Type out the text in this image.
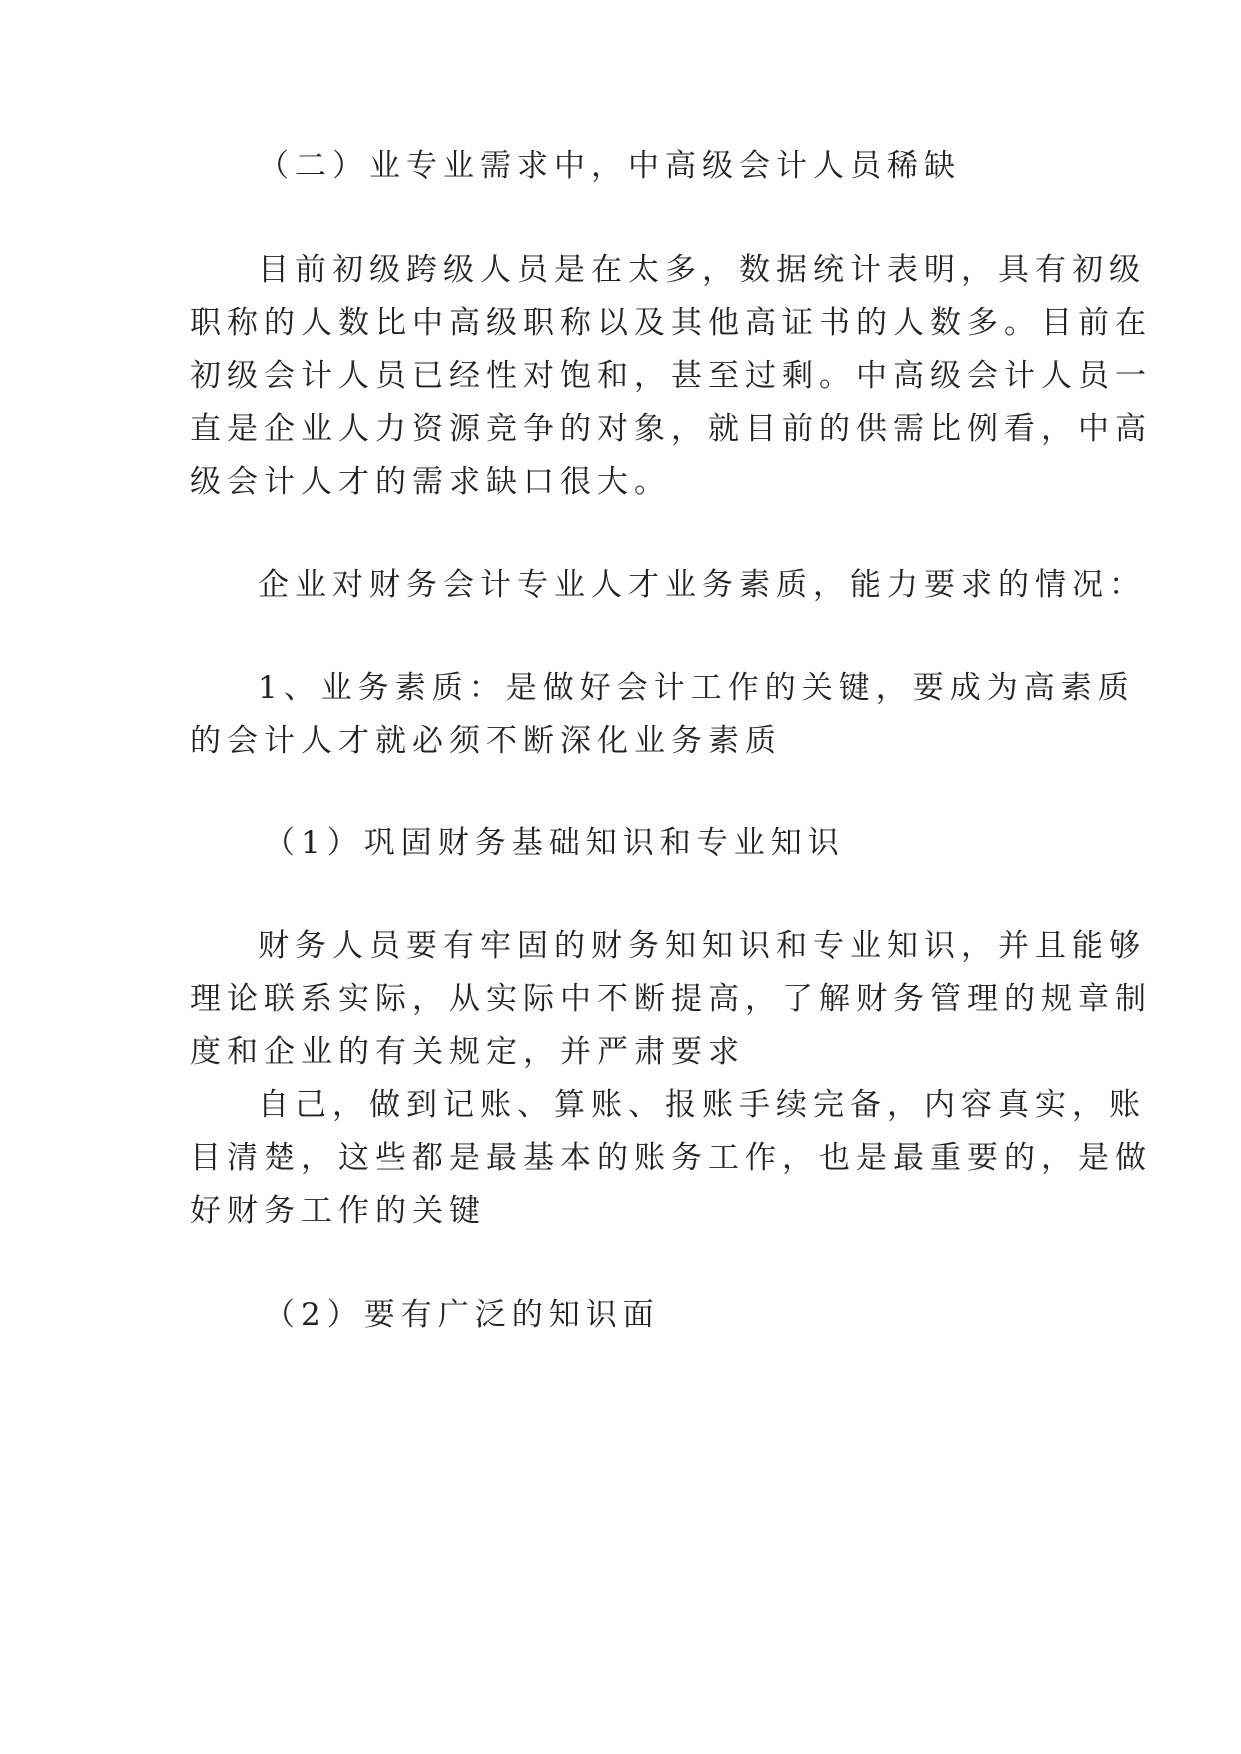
（二）业专业需求中，中高级会计人员稀缺
目前初级跨级人员是在太多，数据统计表明，具有初级
职称的人数比中高级职称以及其他高证书的人数多。目前在
初级会计人员已经性对饱和，甚至过剩。中高级会计人员一
直是企业人力资源竞争的对象，就目前的供需比例看，中高
级会计人才的需求缺口很大。
企业对财务会计专业人才业务素质，能力要求的情况：
1、业务素质：是做好会计工作的关键，要成为高素质
的会计人才就必须不断深化业务素质
（1）巩固财务基础知识和专业知识
财务人员要有牢固的财务知知识和专业知识，并且能够
理论联系实际，从实际中不断提高，了解财务管理的规章制
度和企业的有关规定，并严肃要求
自己，做到记账、算账、报账手续完备，内容真实，账
目清楚，这些都是最基本的账务工作，也是最重要的，是做
好财务工作的关键
（2）要有广泛的知识面
